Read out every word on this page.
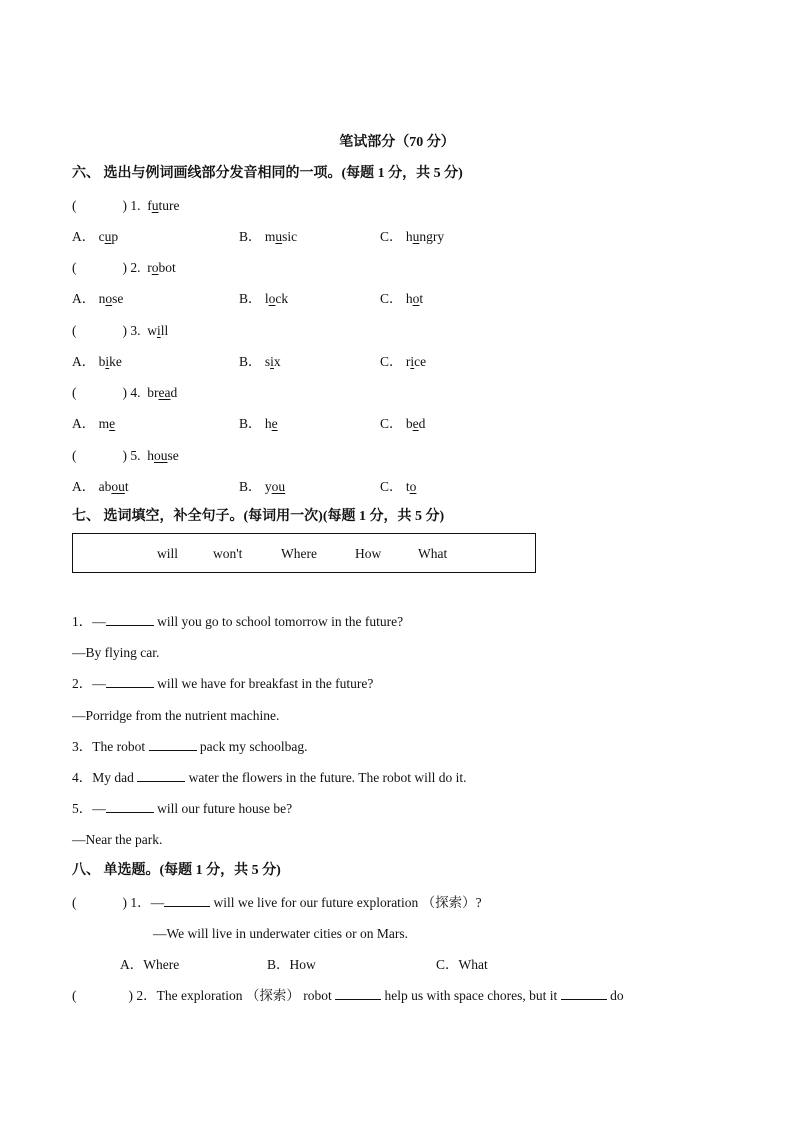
笔试部分（70 分）
六、 选出与例词画线部分发音相同的一项。(每题 1 分，共 5 分)
(	) 1. future
A． cup	B． music	C． hungry
(	) 2. robot
A． nose	B． lock	C． hot
(	) 3. will
A． bike	B． six	C． rice
(	) 4. bread
A． me	B． he	C． bed
(	) 5. house
A． about	B． you	C． to
七、 选词填空，补全句子。(每词用一次)(每题 1 分，共 5 分)
will	won't	Where	How	What
1．—	will you go to school tomorrow in the future?
—By flying car.
2．—	will we have for breakfast in the future?
—Porridge from the nutrient machine.
3．The robot	pack my schoolbag.
4．My dad	water the flowers in the future. The robot will do it.
5．—	will our future house be?
—Near the park.
八、 单选题。(每题 1 分，共 5 分)
(	) 1．—	will we live for our future exploration （探索）?
—We will live in underwater cities or on Mars.
A．Where	B．How	C．What
(	) 2．The exploration （探索） robot	help us with space chores, but it	do
